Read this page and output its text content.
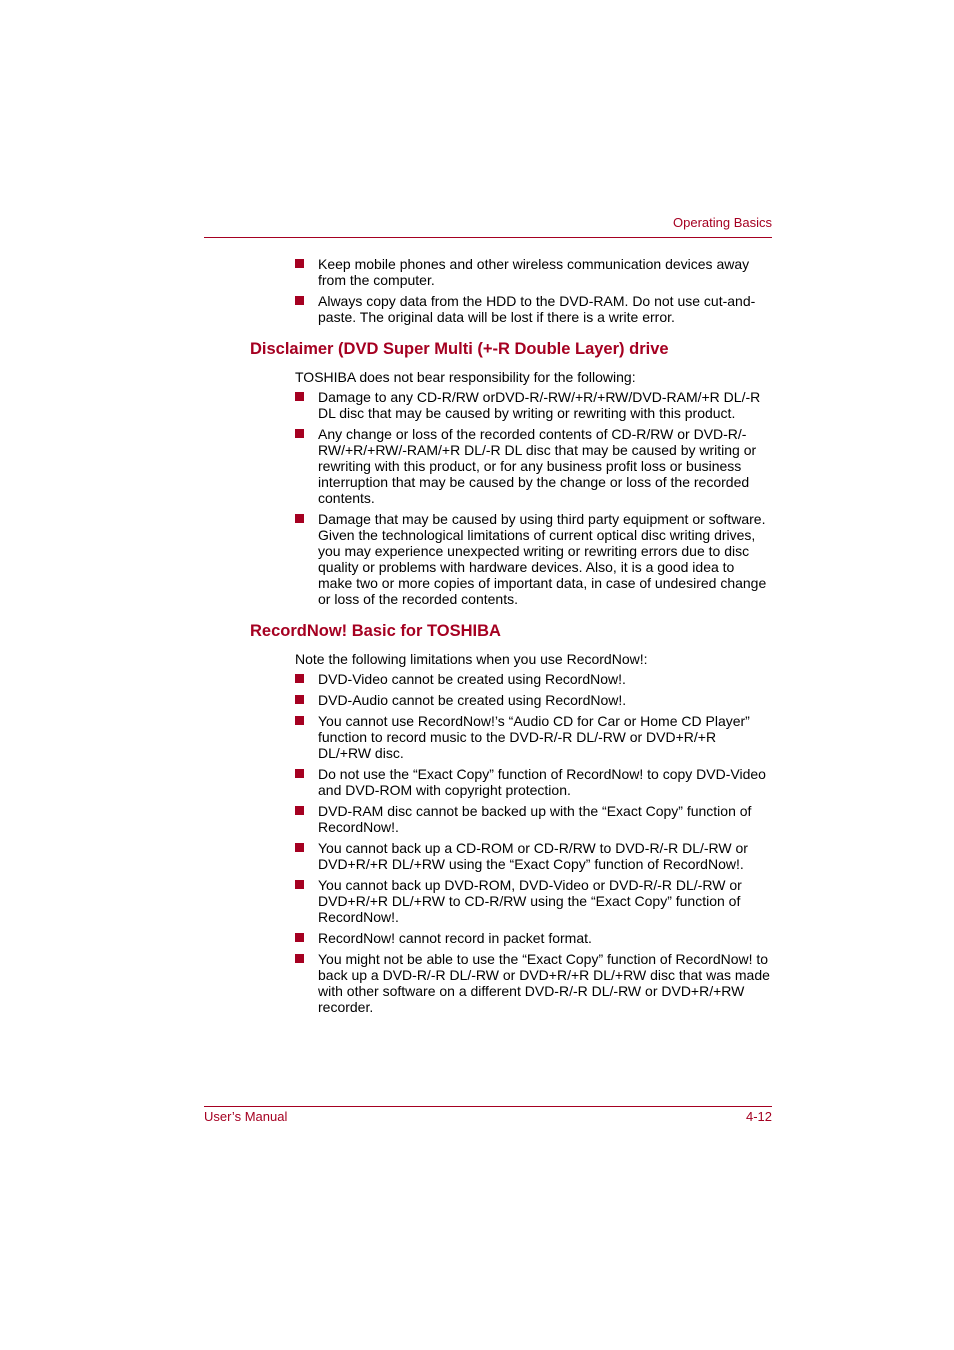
Operating Basics
Keep mobile phones and other wireless communication devices away from the computer.
Always copy data from the HDD to the DVD-RAM. Do not use cut-and-paste. The original data will be lost if there is a write error.
Disclaimer (DVD Super Multi (+-R Double Layer) drive
TOSHIBA does not bear responsibility for the following:
Damage to any CD-R/RW orDVD-R/-RW/+R/+RW/DVD-RAM/+R DL/-R DL disc that may be caused by writing or rewriting with this product.
Any change or loss of the recorded contents of CD-R/RW or DVD-R/-RW/+R/+RW/-RAM/+R DL/-R DL disc that may be caused by writing or rewriting with this product, or for any business profit loss or business interruption that may be caused by the change or loss of the recorded contents.
Damage that may be caused by using third party equipment or software. Given the technological limitations of current optical disc writing drives, you may experience unexpected writing or rewriting errors due to disc quality or problems with hardware devices. Also, it is a good idea to make two or more copies of important data, in case of undesired change or loss of the recorded contents.
RecordNow! Basic for TOSHIBA
Note the following limitations when you use RecordNow!:
DVD-Video cannot be created using RecordNow!.
DVD-Audio cannot be created using RecordNow!.
You cannot use RecordNow!’s “Audio CD for Car or Home CD Player” function to record music to the DVD-R/-R DL/-RW or DVD+R/+R DL/+RW disc.
Do not use the “Exact Copy” function of RecordNow! to copy DVD-Video and DVD-ROM with copyright protection.
DVD-RAM disc cannot be backed up with the “Exact Copy” function of RecordNow!.
You cannot back up a CD-ROM or CD-R/RW to DVD-R/-R DL/-RW or DVD+R/+R DL/+RW using the “Exact Copy” function of RecordNow!.
You cannot back up DVD-ROM, DVD-Video or DVD-R/-R DL/-RW or DVD+R/+R DL/+RW to CD-R/RW using the “Exact Copy” function of RecordNow!.
RecordNow! cannot record in packet format.
You might not be able to use the “Exact Copy” function of RecordNow! to back up a DVD-R/-R DL/-RW or DVD+R/+R DL/+RW disc that was made with other software on a different DVD-R/-R DL/-RW or DVD+R/+RW recorder.
User’s Manual	4-12
